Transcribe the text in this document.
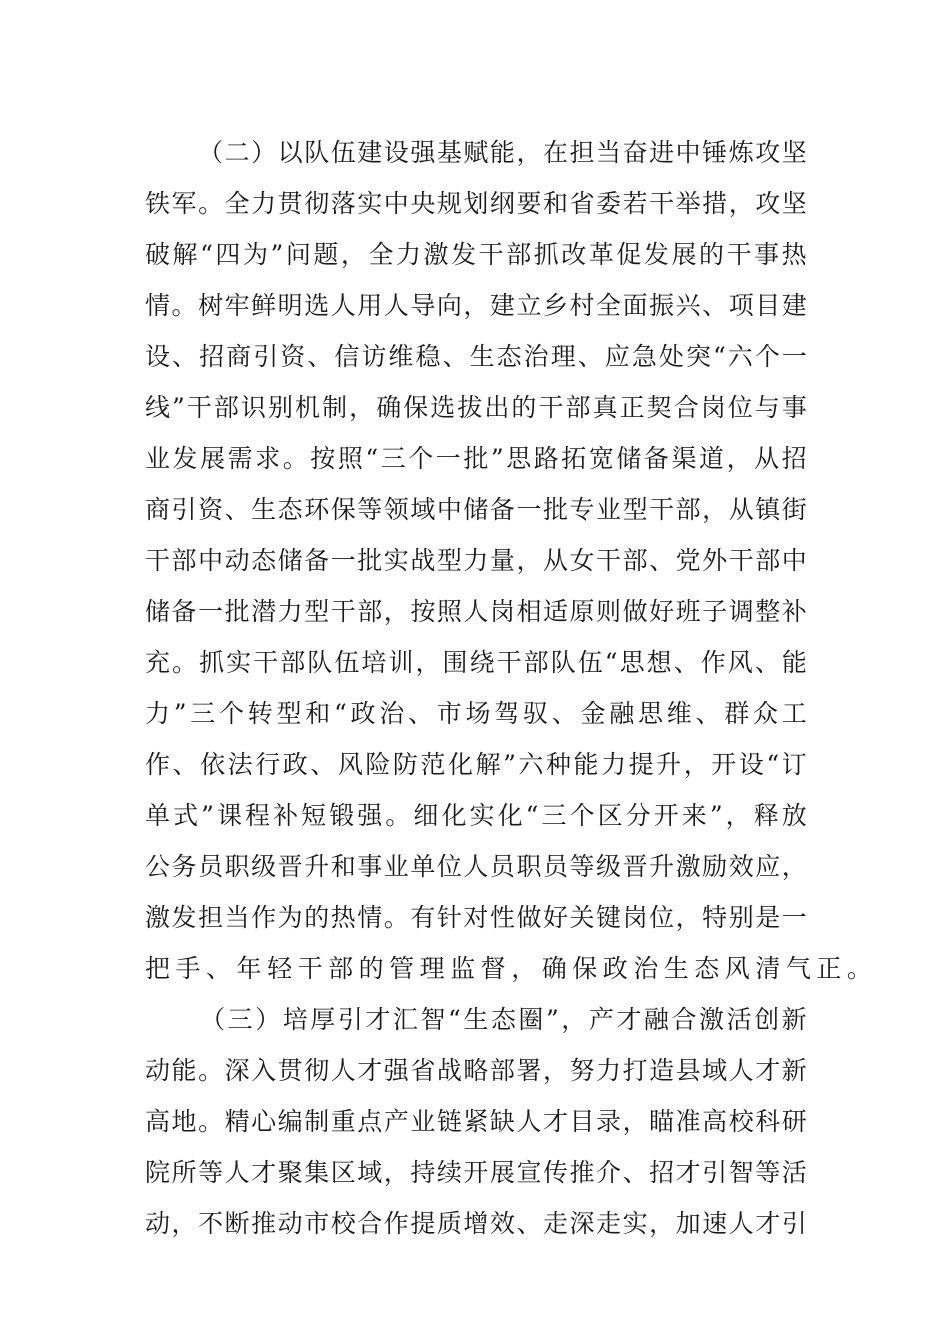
（ 二 ） 以 队 伍 建 设 强 基 赋 能 ， 在 担 当 奋 进 中 锤 炼 攻 坚
铁 军 。 全 力 贯 彻 落 实 中 央 规 划 纲 要 和 省 委 若 干 举 措 ， 攻 坚
破 解 “ 四 为 ” 问 题 ， 全 力 激 发 干 部 抓 改 革 促 发 展 的 干 事 热
情 。 树 牢 鲜 明 选 人 用 人 导 向 ， 建 立 乡 村 全 面 振 兴 、 项 目 建
设 、 招 商 引 资 、 信 访 维 稳 、 生 态 治 理 、 应 急 处 突 “ 六 个 一
线 ” 干 部 识 别 机 制 ， 确 保 选 拔 出 的 干 部 真 正 契 合 岗 位 与 事
业 发 展 需 求 。 按 照 “ 三 个 一 批 ” 思 路 拓 宽 储 备 渠 道 ， 从 招
商 引 资 、 生 态 环 保 等 领 域 中 储 备 一 批 专 业 型 干 部 ， 从 镇 街
干 部 中 动 态 储 备 一 批 实 战 型 力 量 ， 从 女 干 部 、 党 外 干 部 中
储 备 一 批 潜 力 型 干 部 ， 按 照 人 岗 相 适 原 则 做 好 班 子 调 整 补
充 。 抓 实 干 部 队 伍 培 训 ， 围 绕 干 部 队 伍 “ 思 想 、 作 风 、 能
力 ” 三 个 转 型 和 “ 政 治 、 市 场 驾 驭 、 金 融 思 维 、 群 众 工
作 、 依 法 行 政 、 风 险 防 范 化 解 ” 六 种 能 力 提 升 ， 开 设 “ 订
单 式 ” 课 程 补 短 锻 强 。 细 化 实 化 “ 三 个 区 分 开 来 ” ， 释 放
公 务 员 职 级 晋 升 和 事 业 单 位 人 员 职 员 等 级 晋 升 激 励 效 应 ，
激 发 担 当 作 为 的 热 情 。 有 针 对 性 做 好 关 键 岗 位 ， 特 别 是 一
把 手 、 年 轻 干 部 的 管 理 监 督 ， 确 保 政 治 生 态 风 清 气 正 。

（ 三 ） 培 厚 引 才 汇 智 “ 生 态 圈 ” ， 产 才 融 合 激 活 创 新
动 能 。 深 入 贯 彻 人 才 强 省 战 略 部 署 ， 努 力 打 造 县 域 人 才 新
高 地 。 精 心 编 制 重 点 产 业 链 紧 缺 人 才 目 录 ， 瞄 准 高 校 科 研
院 所 等 人 才 聚 集 区 域 ， 持 续 开 展 宣 传 推 介 、 招 才 引 智 等 活
动 ， 不 断 推 动 市 校 合 作 提 质 增 效 、 走 深 走 实 ， 加 速 人 才 引
